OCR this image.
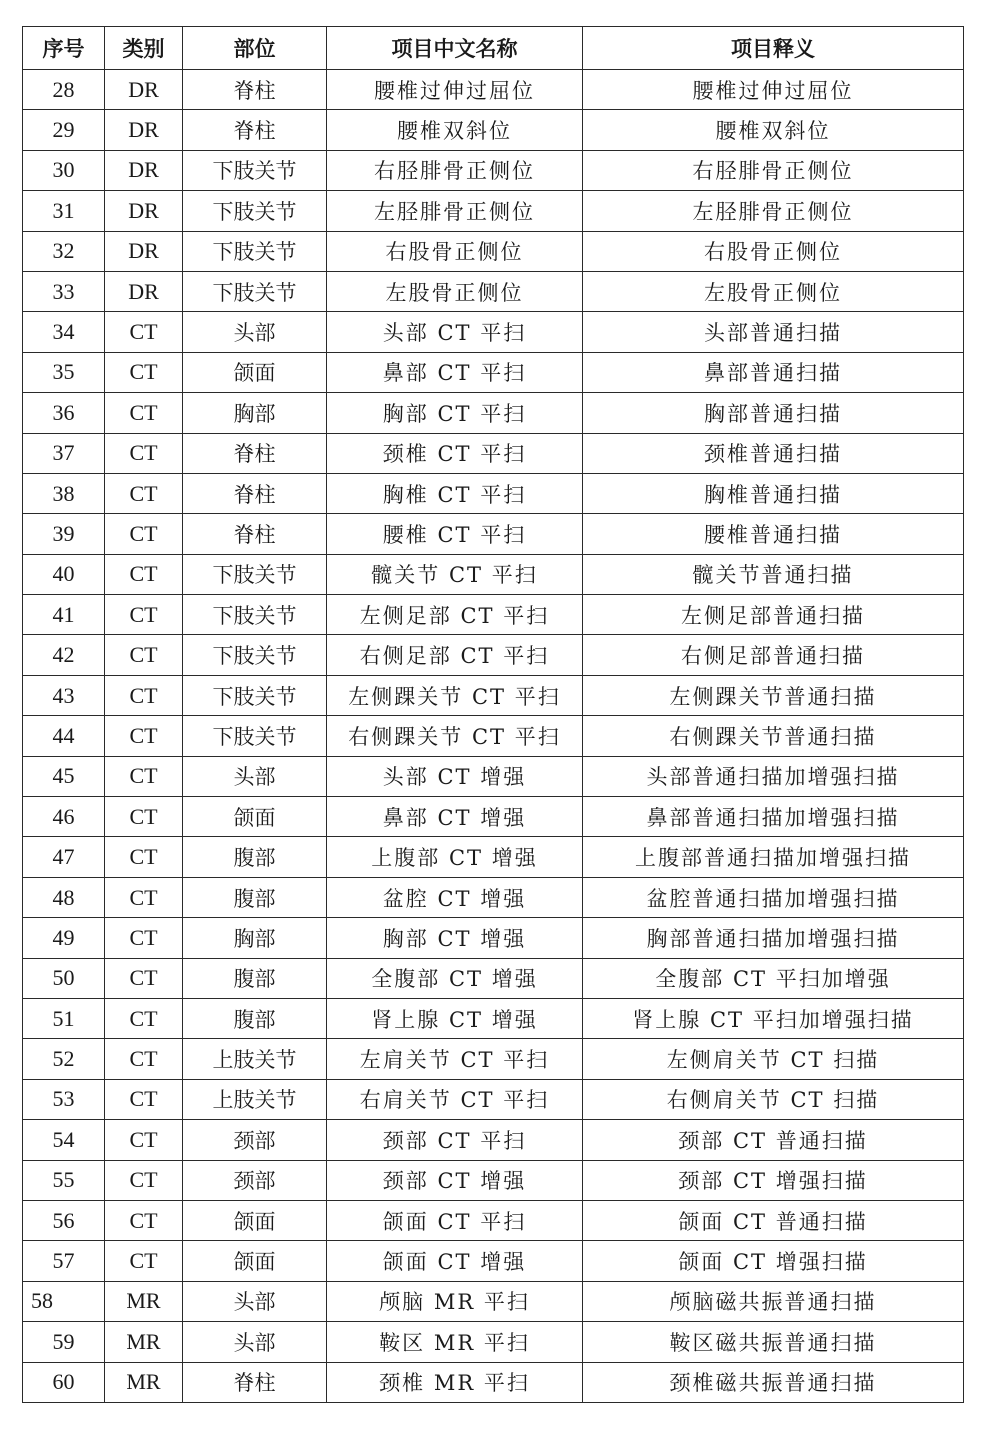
序号	类别	部位	项目中文名称	项目释义
28	DR	脊柱	腰椎过伸过屈位	腰椎过伸过屈位
29	DR	脊柱	腰椎双斜位	腰椎双斜位
30	DR	下肢关节	右胫腓骨正侧位	右胫腓骨正侧位
31	DR	下肢关节	左胫腓骨正侧位	左胫腓骨正侧位
32	DR	下肢关节	右股骨正侧位	右股骨正侧位
33	DR	下肢关节	左股骨正侧位	左股骨正侧位
34	CT	头部	头部 CT 平扫	头部普通扫描
35	CT	颌面	鼻部 CT 平扫	鼻部普通扫描
36	CT	胸部	胸部 CT 平扫	胸部普通扫描
37	CT	脊柱	颈椎 CT 平扫	颈椎普通扫描
38	CT	脊柱	胸椎 CT 平扫	胸椎普通扫描
39	CT	脊柱	腰椎 CT 平扫	腰椎普通扫描
40	CT	下肢关节	髋关节 CT 平扫	髋关节普通扫描
41	CT	下肢关节	左侧足部 CT 平扫	左侧足部普通扫描
42	CT	下肢关节	右侧足部 CT 平扫	右侧足部普通扫描
43	CT	下肢关节	左侧踝关节 CT 平扫	左侧踝关节普通扫描
44	CT	下肢关节	右侧踝关节 CT 平扫	右侧踝关节普通扫描
45	CT	头部	头部 CT 增强	头部普通扫描加增强扫描
46	CT	颌面	鼻部 CT 增强	鼻部普通扫描加增强扫描
47	CT	腹部	上腹部 CT 增强	上腹部普通扫描加增强扫描
48	CT	腹部	盆腔 CT 增强	盆腔普通扫描加增强扫描
49	CT	胸部	胸部 CT 增强	胸部普通扫描加增强扫描
50	CT	腹部	全腹部 CT 增强	全腹部 CT 平扫加增强
51	CT	腹部	肾上腺 CT 增强	肾上腺 CT 平扫加增强扫描
52	CT	上肢关节	左肩关节 CT 平扫	左侧肩关节 CT 扫描
53	CT	上肢关节	右肩关节 CT 平扫	右侧肩关节 CT 扫描
54	CT	颈部	颈部 CT 平扫	颈部 CT 普通扫描
55	CT	颈部	颈部 CT 增强	颈部 CT 增强扫描
56	CT	颌面	颌面 CT 平扫	颌面 CT 普通扫描
57	CT	颌面	颌面 CT 增强	颌面 CT 增强扫描
58	MR	头部	颅脑 MR 平扫	颅脑磁共振普通扫描
59	MR	头部	鞍区 MR 平扫	鞍区磁共振普通扫描
60	MR	脊柱	颈椎 MR 平扫	颈椎磁共振普通扫描
